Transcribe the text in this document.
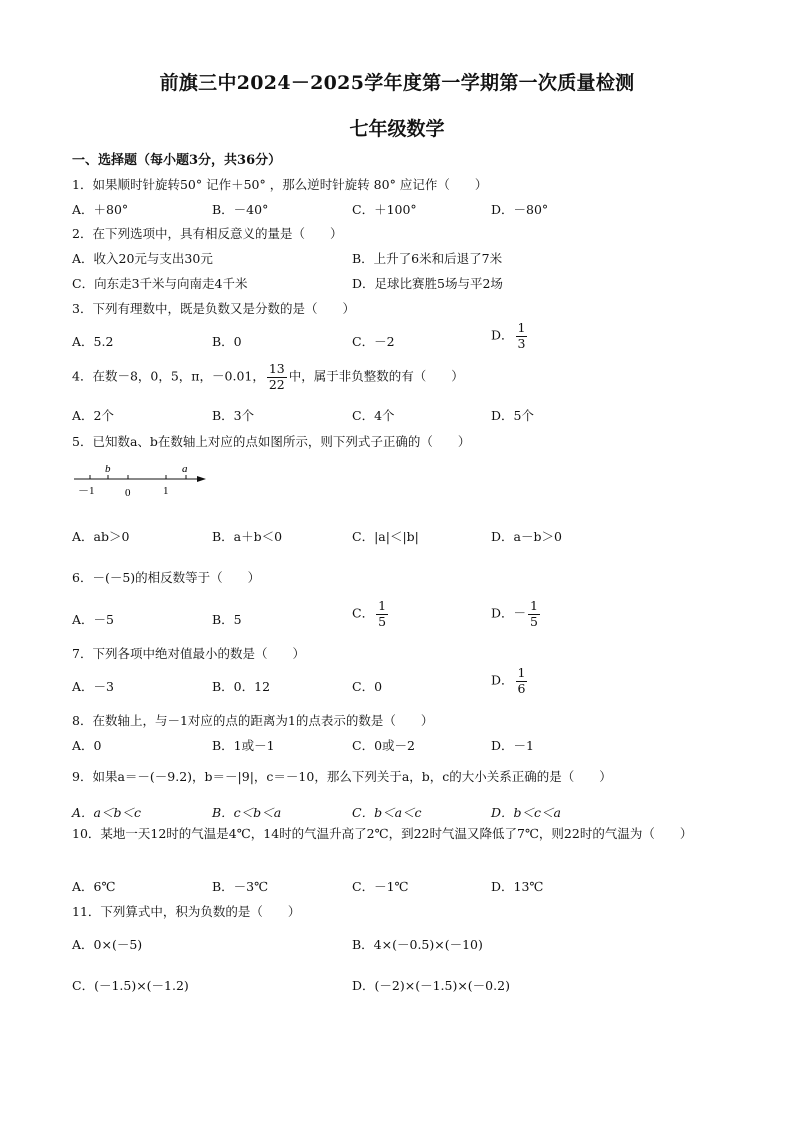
前旗三中2024－2025学年度第一学期第一次质量检测
七年级数学
一、选择题（每小题3分，共36分）
1．如果顺时针旋转50° 记作＋50° ，那么逆时针旋转 80° 应记作（　　）
A．＋80°	B．－40°	C．＋100°	D．－80°
2．在下列选项中，具有相反意义的量是（　　）
A．收入20元与支出30元	B．上升了6米和后退了7米
C．向东走3千米与向南走4千米	D．足球比赛胜5场与平2场
3．下列有理数中，既是负数又是分数的是（　　）
A．5.2	B．0	C．－2	D． $\frac{1}{3}$
4．在数－8，0，5，π，－0.01， $\frac{13}{22}$ 中，属于非负整数的有（　　）
A．2个	B．3个	C．4个	D．5个
5．已知数a、b在数轴上对应的点如图所示，则下列式子正确的（　　）
b	a
－1	0	1
A．ab＞0	B．a＋b＜0	C．|a|＜|b|	D．a－b＞0
6．－(－5)的相反数等于（　　）
A．－5	B．5	C． $\frac{1}{5}$	D．－ $\frac{1}{5}$
7．下列各项中绝对值最小的数是（　　）
A．－3	B．0．12	C．0	D． $\frac{1}{6}$
8．在数轴上，与－1对应的点的距离为1的点表示的数是（　　）
A．0	B．1或－1	C．0或－2	D．－1
9．如果a＝－(－9.2)，b＝－|9|，c＝－10，那么下列关于a，b，c的大小关系正确的是（　　）
A．a＜b＜c	B．c＜b＜a	C．b＜a＜c	D．b＜c＜a
10．某地一天12时的气温是4℃，14时的气温升高了2℃，到22时气温又降低了7℃，则22时的气温为（　　）
A．6℃	B．－3℃	C．－1℃	D．13℃
11．下列算式中，积为负数的是（　　）
A．0×(－5)	B．4×(－0.5)×(－10)
C．(－1.5)×(－1.2)	D．(－2)×(－1.5)×(－0.2)
